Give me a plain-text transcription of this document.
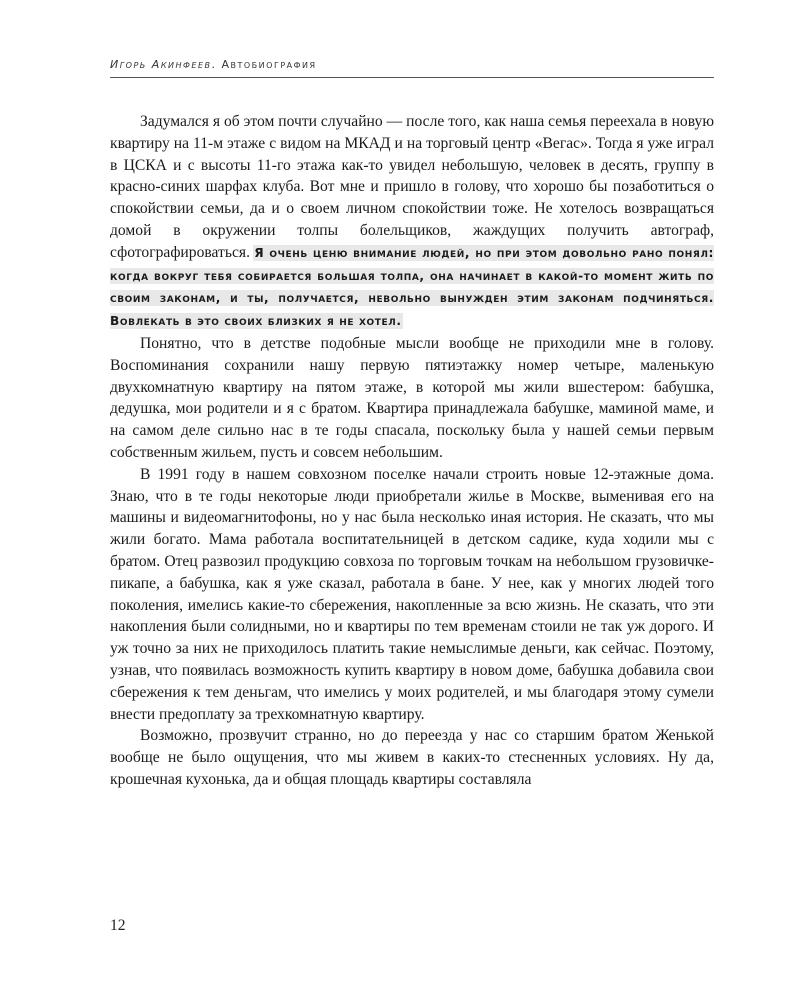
Игорь Акинфеев. Автобиография

Задумался я об этом почти случайно — после того, как наша семья переехала в новую квартиру на 11-м этаже с видом на МКАД и на торговый центр «Вегас». Тогда я уже играл в ЦСКА и с высоты 11-го этажа как-то увидел небольшую, человек в десять, группу в красно-синих шарфах клуба. Вот мне и пришло в голову, что хорошо бы позаботиться о спокойствии семьи, да и о своем личном спокойствии тоже. Не хотелось возвращаться домой в окружении толпы болельщиков, жаждущих получить автограф, сфотографироваться. Я очень ценю внимание людей, но при этом довольно рано понял: когда вокруг тебя собирается большая толпа, она начинает в какой-то момент жить по своим законам, и ты, получается, невольно вынужден этим законам подчиняться. Вовлекать в это своих близких я не хотел.

Понятно, что в детстве подобные мысли вообще не приходили мне в голову. Воспоминания сохранили нашу первую пятиэтажку номер четыре, маленькую двухкомнатную квартиру на пятом этаже, в которой мы жили вшестером: бабушка, дедушка, мои родители и я с братом. Квартира принадлежала бабушке, маминой маме, и на самом деле сильно нас в те годы спасала, поскольку была у нашей семьи первым собственным жильем, пусть и совсем небольшим.

В 1991 году в нашем совхозном поселке начали строить новые 12-этажные дома. Знаю, что в те годы некоторые люди приобретали жилье в Москве, выменивая его на машины и видеомагнитофоны, но у нас была несколько иная история. Не сказать, что мы жили богато. Мама работала воспитательницей в детском садике, куда ходили мы с братом. Отец развозил продукцию совхоза по торговым точкам на небольшом грузовичке-пикапе, а бабушка, как я уже сказал, работала в бане. У нее, как у многих людей того поколения, имелись какие-то сбережения, накопленные за всю жизнь. Не сказать, что эти накопления были солидными, но и квартиры по тем временам стоили не так уж дорого. И уж точно за них не приходилось платить такие немыслимые деньги, как сейчас. Поэтому, узнав, что появилась возможность купить квартиру в новом доме, бабушка добавила свои сбережения к тем деньгам, что имелись у моих родителей, и мы благодаря этому сумели внести предоплату за трехкомнатную квартиру.

Возможно, прозвучит странно, но до переезда у нас со старшим братом Женькой вообще не было ощущения, что мы живем в каких-то стесненных условиях. Ну да, крошечная кухонька, да и общая площадь квартиры составляла

12
